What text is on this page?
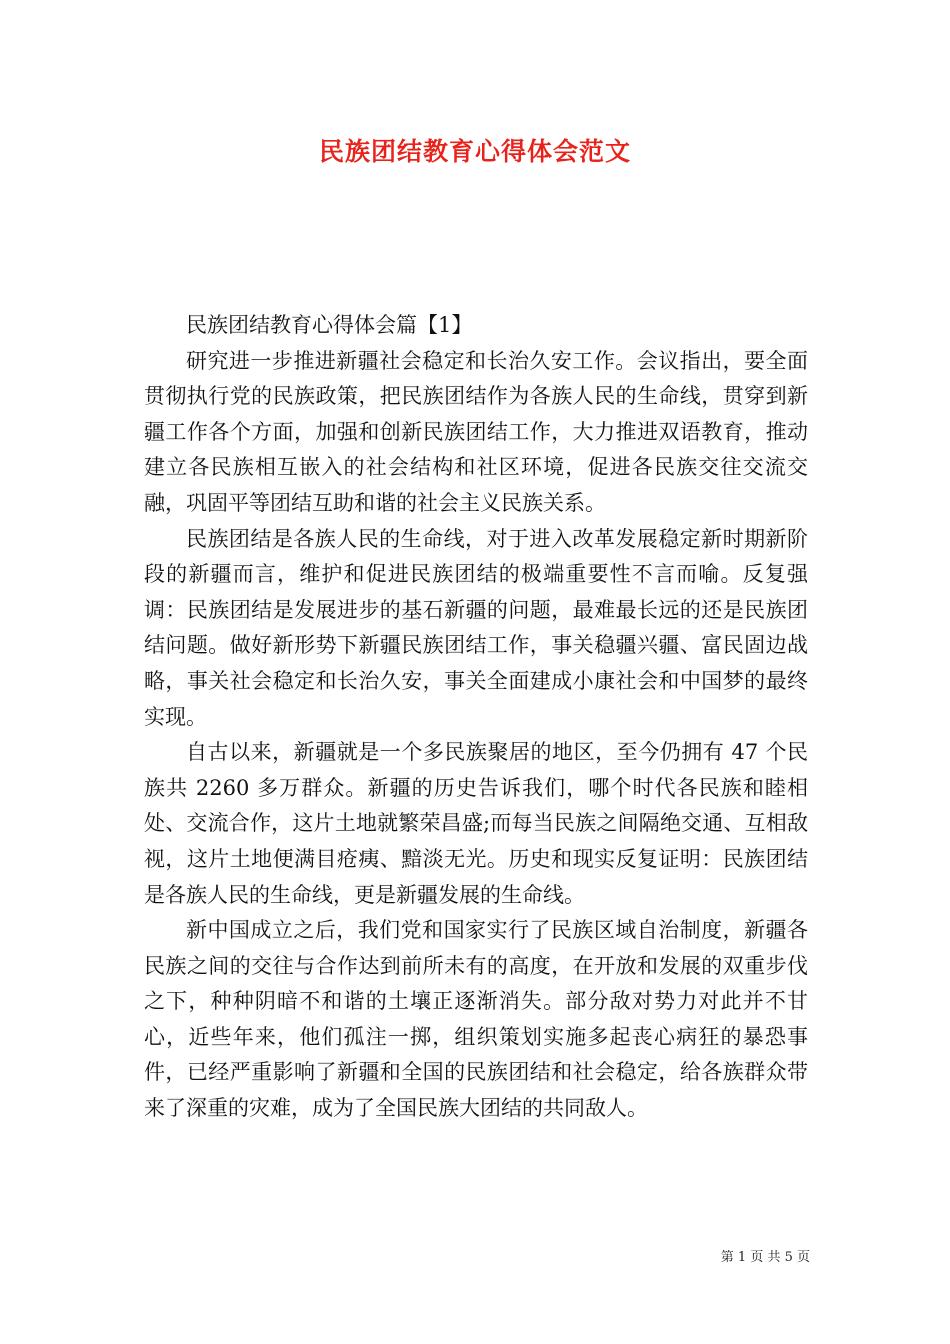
民族团结教育心得体会范文

民族团结教育心得体会篇【1】

研究进一步推进新疆社会稳定和长治久安工作。会议指出，要全面贯彻执行党的民族政策，把民族团结作为各族人民的生命线，贯穿到新疆工作各个方面，加强和创新民族团结工作，大力推进双语教育，推动建立各民族相互嵌入的社会结构和社区环境，促进各民族交往交流交融，巩固平等团结互助和谐的社会主义民族关系。

民族团结是各族人民的生命线，对于进入改革发展稳定新时期新阶段的新疆而言，维护和促进民族团结的极端重要性不言而喻。反复强调：民族团结是发展进步的基石新疆的问题，最难最长远的还是民族团结问题。做好新形势下新疆民族团结工作，事关稳疆兴疆、富民固边战略，事关社会稳定和长治久安，事关全面建成小康社会和中国梦的最终实现。

自古以来，新疆就是一个多民族聚居的地区，至今仍拥有 47 个民族共 2260 多万群众。新疆的历史告诉我们，哪个时代各民族和睦相处、交流合作，这片土地就繁荣昌盛;而每当民族之间隔绝交通、互相敌视，这片土地便满目疮痍、黯淡无光。历史和现实反复证明：民族团结是各族人民的生命线，更是新疆发展的生命线。

新中国成立之后，我们党和国家实行了民族区域自治制度，新疆各民族之间的交往与合作达到前所未有的高度，在开放和发展的双重步伐之下，种种阴暗不和谐的土壤正逐渐消失。部分敌对势力对此并不甘心，近些年来，他们孤注一掷，组织策划实施多起丧心病狂的暴恐事件，已经严重影响了新疆和全国的民族团结和社会稳定，给各族群众带来了深重的灾难，成为了全国民族大团结的共同敌人。

第 1 页 共 5 页
